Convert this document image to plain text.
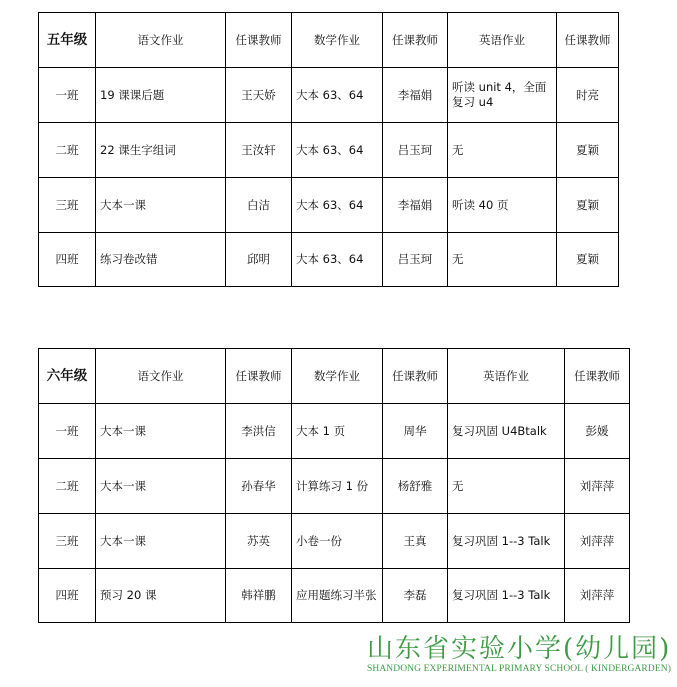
五年级	语文作业	任课教师	数学作业	任课教师	英语作业	任课教师
一班	19 课课后题	王天娇	大本 63、64	李福娟	听读 unit 4，全面复习 u4	时亮
二班	22 课生字组词	王汝轩	大本 63、64	吕玉珂	无	夏颖
三班	大本一课	白洁	大本 63、64	李福娟	听读 40 页	夏颖
四班	练习卷改错	邱明	大本 63、64	吕玉珂	无	夏颖
六年级	语文作业	任课教师	数学作业	任课教师	英语作业	任课教师
一班	大本一课	李洪信	大本 1 页	周华	复习巩固 U4Btalk	彭媛
二班	大本一课	孙春华	计算练习 1 份	杨舒雅	无	刘萍萍
三班	大本一课	苏英	小卷一份	王真	复习巩固 1--3 Talk	刘萍萍
四班	预习 20 课	韩祥鹏	应用题练习半张	李磊	复习巩固 1--3 Talk	刘萍萍
山东省实验小学(幼儿园)
SHANDONG EXPERIMENTAL PRIMARY SCHOOL ( KINDERGARDEN)
